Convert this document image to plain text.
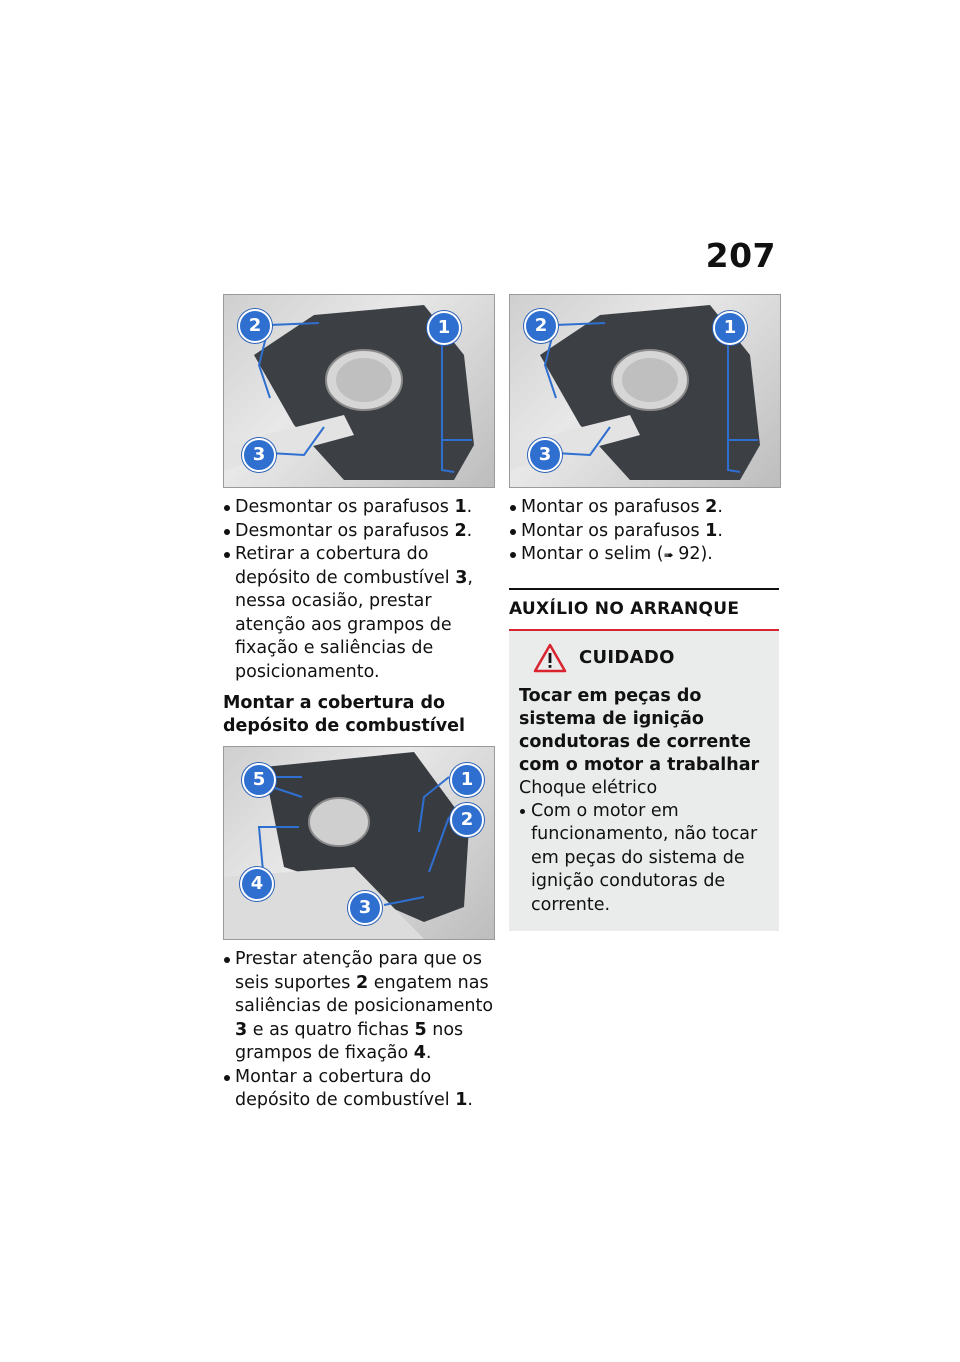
207
2	1
3
Desmontar os parafusos 1.
Desmontar os parafusos 2.
Retirar a cobertura do depósito de combustível 3, nessa ocasião, prestar atenção aos grampos de fixação e saliências de posicionamento.
Montar a cobertura do depósito de combustível
5	1
2
4
3
Prestar atenção para que os seis suportes 2 engatem nas saliências de posicionamento 3 e as quatro fichas 5 nos grampos de fixação 4.
Montar a cobertura do depósito de combustível 1.
2	1
3
Montar os parafusos 2.
Montar os parafusos 1.
Montar o selim (➠ 92).
AUXÍLIO NO ARRANQUE
CUIDADO
Tocar em peças do sistema de ignição condutoras de corrente com o motor a trabalhar
Choque elétrico
Com o motor em funcionamento, não tocar em peças do sistema de ignição condutoras de corrente.
